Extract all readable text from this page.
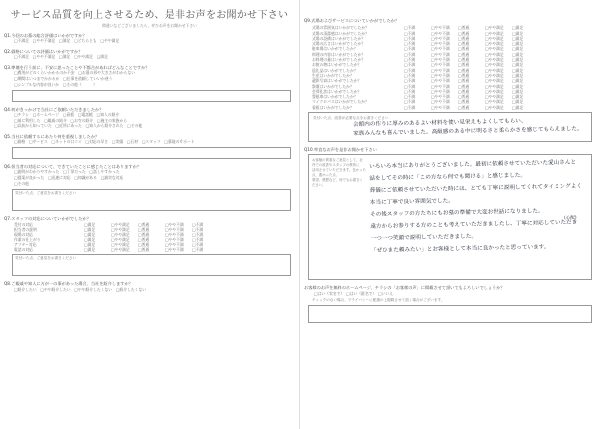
サービス品質を向上させるため、是非お声をお聞かせ下さい
間違いなどございましたら、ぜひお声をお聞かせ下さい
Q1.今回のお墓の総合評価はいかがですか？
□不満足　□やや不満足　□満足　□どちらとも　□やや満足
Q2.価格についての評価はいかがですか？
□不満足　□やや不満足　□満足　□やや満足　□満足
Q3.準備を行う前に、不安に思ったことや不都合があればどんなことですか？
□費用がどのくらいかかるのか不安　□お墓の形や大きさがわからない
□期間はいつまでかかるか　□仕事を依頼していいか迷う
□シンプルな内容が良いか　□その他（　　　）
Q4.何がきっかけで当社にご依頼いただきましたか？
□チラシ　□ホームページ　□看板　□電話帳　□知人の紹介
□前に利用した　□親戚の紹介　□お寺の紹介　□施主の家族から
□以前から知っていた　□近所にあった　□知人から紹介された　□その他
Q5.当社に依頼するにあたり何を重視しましたか？
□価格　□サービス　□ネットの口コミ　□対応の早さ　□実績　□石材　□スタッフ　□墓地のサポート
Q6.担当者の対応について、できていたことに感じたことはありますか？
□説明がわかりやすかった　□丁寧だった　□話しやすかった
□提案が良かった　□迅速に対応　□知識がある　□誠実な対応
□その他
気付いた点、ご意見をお書きください
Q7.スタッフの対応についていかがでしたか？
受付の対応	□満足	□やや満足	□普通	□やや不満	□不満
担当者の説明	□満足	□やや満足	□普通	□やや不満	□不満
現場の対応	□満足	□やや満足	□普通	□やや不満	□不満
作業の仕上がり	□満足	□やや満足	□普通	□やや不満	□不満
アフター対応	□満足	□やや満足	□普通	□やや不満	□不満
電話の対応	□満足	□やや満足	□普通	□やや不満	□不満
気付いた点、ご意見をお書きください
Q8.ご親戚や知人に万が一の事があった場合、当社を紹介しますか？
□紹介したい　□やや紹介したい　□やや紹介したくない　□紹介したくない
Q9.式場およびサービスについていかがでしたか？
式場の雰囲気はいかがでしたか？	□不満	□やや不満	□普通	□やや満足	□満足
式場の清潔感はいかがでしたか？	□不満	□やや不満	□普通	□やや満足	□満足
式場の設備はいかがでしたか？	□不満	□やや不満	□普通	□やや満足	□満足
式場の広さはいかがでしたか？	□不満	□やや不満	□普通	□やや満足	□満足
駐車場はいかがでしたか？	□不満	□やや不満	□普通	□やや満足	□満足
料理の内容はいかがでしたか？	□不満	□やや不満	□普通	□やや満足	□満足
お料理の量はいかがでしたか？	□不満	□やや不満	□普通	□やや満足	□満足
お飲み物はいかがでしたか？	□不満	□やや不満	□普通	□やや満足	□満足
返礼品はいかがでしたか？	□不満	□やや不満	□普通	□やや満足	□満足
生花はいかがでしたか？	□不満	□やや不満	□普通	□やや満足	□満足
遺影写真はいかがでしたか？	□不満	□やや不満	□普通	□やや満足	□満足
祭壇はいかがでしたか？	□不満	□やや不満	□普通	□やや満足	□満足
会葬礼状はいかがでしたか？	□不満	□やや不満	□普通	□やや満足	□満足
霊柩車はいかがでしたか？	□不満	□やや不満	□普通	□やや満足	□満足
マイクロバスはいかがでしたか？	□不満	□やや不満	□普通	□やや満足	□満足
看板はいかがでしたか？	□不満	□やや不満	□普通	□やや満足	□満足
気付いた点、改善が必要な点をお書きください
会館内の作りに厚みのあるよい材料を使い見栄えもよくしてもらい、
家族みんなも喜んでいました。高級感のある中に明るさと柔らかさを感じてもらえました。
Q10.率直なお声を是非お聞かせ下さい
お客様の貴重なご意見として、社内での改善やスタッフの教育に
活用させていただきます。良かった点、悪かった点、
要望、感想など、何でもお書きください。
いろいろ本当にありがとうございました。最初に依頼させていただいた愛山さんと
話をしてその時に「この方なら何でも聞ける」と感じました。
葬儀にご依頼させていただいた時には、とても丁寧に説明してくれてタイミングよく
本当に丁寧で良い雰囲気でした。
その後スタッフの方たちにもお墓の準備で大変お世話になりました。
遠方からお参りする方のことも考えていただきましたし、丁寧に対応していただき
一つ一つ笑顔で説明していただきました。
「ぜひまた頼みたい」とお客様として本当に良かったと思っています。
(心配)
お客様のお声を無料のホームページ、チラシの「お客様の声」に掲載させて頂いてもよろしいでしょうか？
□はい（実名で）　□はい（匿名で）　□いいえ
チェックのない場合、プライバシーに配慮の上掲載させて頂く場合がございます。
